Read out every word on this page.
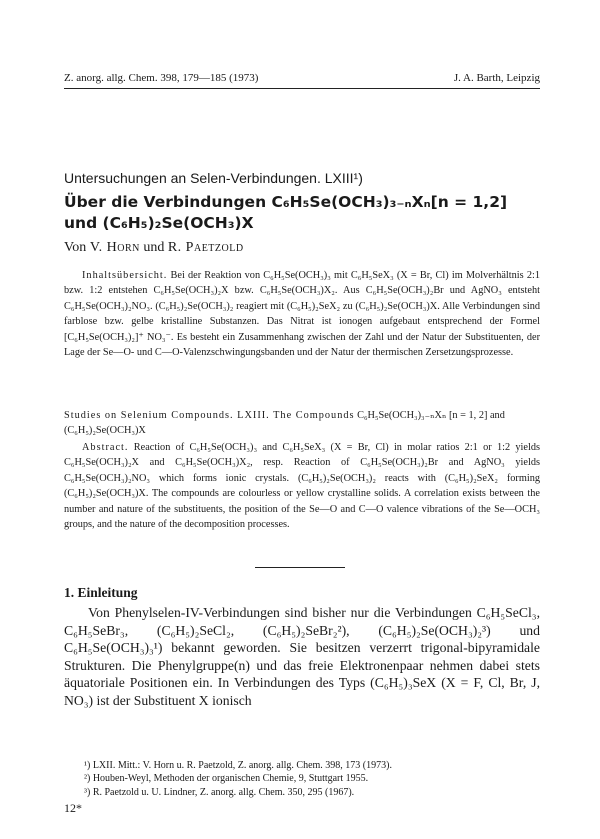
Z. anorg. allg. Chem. 398, 179—185 (1973)	J. A. Barth, Leipzig
Untersuchungen an Selen-Verbindungen. LXIII¹)
Über die Verbindungen C₆H₅Se(OCH₃)₃₋ₙXₙ[n = 1,2] und (C₆H₅)₂Se(OCH₃)X
Von V. Horn und R. Paetzold
Inhaltsübersicht. Bei der Reaktion von C₆H₅Se(OCH₃)₃ mit C₆H₅SeX₃ (X = Br, Cl) im Molverhältnis 2:1 bzw. 1:2 entstehen C₆H₅Se(OCH₃)₂X bzw. C₆H₅Se(OCH₃)X₂. Aus C₆H₅Se(OCH₃)₂Br und AgNO₃ entsteht C₆H₅Se(OCH₃)₂NO₃. (C₆H₅)₂Se(OCH₃)₂ reagiert mit (C₆H₅)₂SeX₂ zu (C₆H₅)₂Se(OCH₃)X. Alle Verbindungen sind farblose bzw. gelbe kristalline Substanzen. Das Nitrat ist ionogen aufgebaut entsprechend der Formel [C₆H₅Se(OCH₃)₂]⁺ NO₃⁻. Es besteht ein Zusammenhang zwischen der Zahl und der Natur der Substituenten, der Lage der Se—O- und C—O-Valenzschwingungsbanden und der Natur der thermischen Zersetzungsprozesse.
Studies on Selenium Compounds. LXIII. The Compounds C₆H₅Se(OCH₃)₃₋ₙXₙ [n = 1, 2] and (C₆H₅)₂Se(OCH₃)X
Abstract. Reaction of C₆H₅Se(OCH₃)₃ and C₆H₅SeX₃ (X = Br, Cl) in molar ratios 2:1 or 1:2 yields C₆H₅Se(OCH₃)₂X and C₆H₅Se(OCH₃)X₂, resp. Reaction of C₆H₅Se(OCH₃)₂Br and AgNO₃ yields C₆H₅Se(OCH₃)₂NO₃ which forms ionic crystals. (C₆H₅)₂Se(OCH₃)₂ reacts with (C₆H₅)₂SeX₂ forming (C₆H₅)₂Se(OCH₃)X. The compounds are colourless or yellow crystalline solids. A correlation exists between the number and nature of the substituents, the position of the Se—O and C—O valence vibrations of the Se—OCH₃ groups, and the nature of the decomposition processes.
1. Einleitung
Von Phenylselen-IV-Verbindungen sind bisher nur die Verbindungen C₆H₅SeCl₃, C₆H₅SeBr₃, (C₆H₅)₂SeCl₂, (C₆H₅)₂SeBr₂²), (C₆H₅)₂Se(OCH₃)₂³) und C₆H₅Se(OCH₃)₃¹) bekannt geworden. Sie besitzen verzerrt trigonal-bipyramidale Strukturen. Die Phenylgruppe(n) und das freie Elektronenpaar nehmen dabei stets äquatoriale Positionen ein. In Verbindungen des Typs (C₆H₅)₃SeX (X = F, Cl, Br, J, NO₃) ist der Substituent X ionisch
¹) LXII. Mitt.: V. Horn u. R. Paetzold, Z. anorg. allg. Chem. 398, 173 (1973).
²) Houben-Weyl, Methoden der organischen Chemie, 9, Stuttgart 1955.
³) R. Paetzold u. U. Lindner, Z. anorg. allg. Chem. 350, 295 (1967).
12*
